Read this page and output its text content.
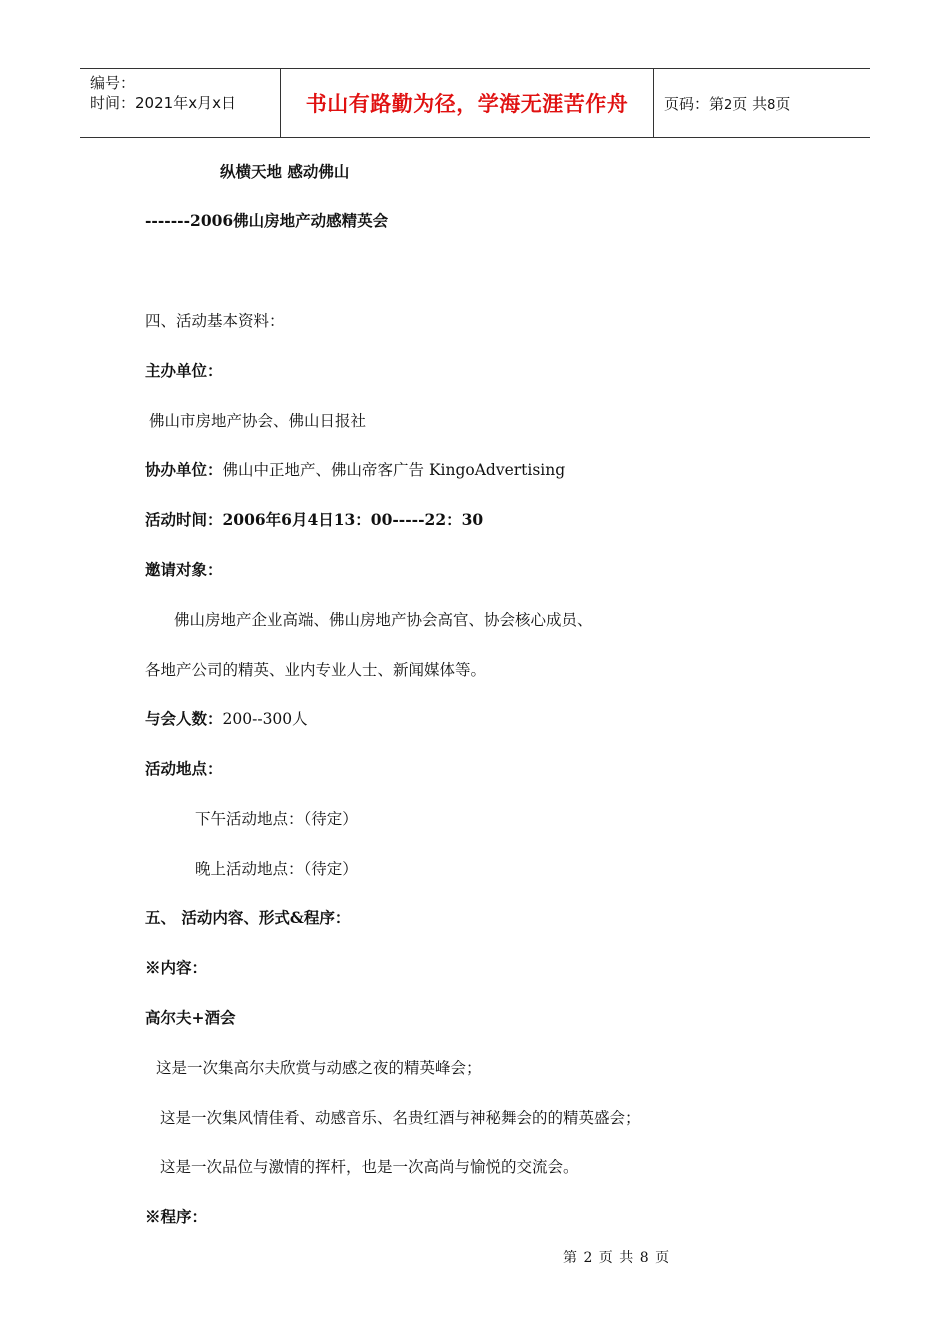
编号：
时间：2021年x月x日	书山有路勤为径，学海无涯苦作舟 页码：第2页 共8页
纵横天地 感动佛山
-------2006佛山房地产动感精英会
四、活动基本资料：
主办单位：
佛山市房地产协会、佛山日报社
协办单位：佛山中正地产、佛山帝客广告 KingoAdvertising
活动时间：2006年6月4日13：00-----22：30
邀请对象：
佛山房地产企业高端、佛山房地产协会高官、协会核心成员、
各地产公司的精英、业内专业人士、新闻媒体等。
与会人数：200--300人
活动地点：
下午活动地点：（待定）
晚上活动地点：（待定）
五、 活动内容、形式&程序：
※内容：
高尔夫+酒会
这是一次集高尔夫欣赏与动感之夜的精英峰会；
这是一次集风情佳肴、动感音乐、名贵红酒与神秘舞会的的精英盛会；
这是一次品位与激情的挥杆，也是一次高尚与愉悦的交流会。
※程序：
第 2 页 共 8 页
